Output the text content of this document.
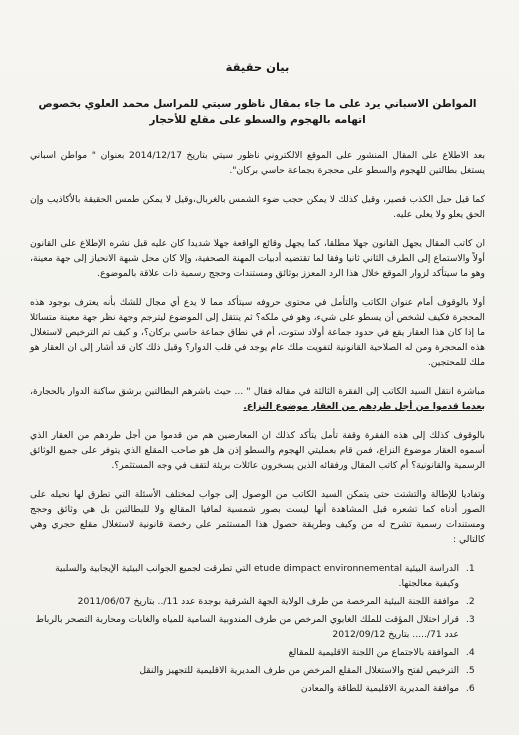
بيان حقيقة
المواطن الاسباني يرد على ما جاء بمقال ناظور سيتي للمراسل محمد العلوي بخصوص اتهامه بالهجوم والسطو على مقلع للأحجار

بعد الاطلاع على المقال المنشور على الموقع الالكتروني ناظور سيتي بتاريخ 2014/12/17 بعنوان " مواطن اسباني يستغل بطالتين للهجوم والسطو على محجرة بجماعة حاسي بركان".

كما قيل حبل الكذب قصير، وقيل كذلك لا يمكن حجب ضوء الشمس بالغربال،وقيل لا يمكن طمس الحقيقة بالأكاذيب وإن الحق يعلو ولا يعلى عليه.

ان كاتب المقال يجهل القانون جهلا مطلقا، كما يجهل وقائع الواقعة جهلا شديدا كان عليه قبل نشره الإطلاع على القانون أولاً والاستماع إلى الطرف الثاني ثانيا وفقا لما تقتضيه أدبيات المهنة الصحفية، وإلا كان محل شبهة الانحياز إلى جهة معينة، وهو ما سيتأكد لزوار الموقع خلال هذا الرد المعزز بوثائق ومستندات وحجج رسمية ذات علاقة بالموضوع.

أولا بالوقوف أمام عنوان الكاتب والتأمل في محتوى حروفه سيتأكد مما لا يدع أي مجال للشك بأنه يعترف بوجود هذه المحجرة فكيف لشخص أن يسطو على شيء، وهو في ملكه؟ ثم ينتقل إلى الموضوع ليترجم وجهة نظر جهة معينة متسائلا ما إذا كان هذا العقار يقع في حدود جماعة أولاد ستوت، أم في نطاق جماعة حاسي بركان؟، و كيف تم الترخيص لاستغلال هذه المحجرة ومن له الصلاحية القانونية لتفويت ملك عام يوجد في قلب الدوار؟ وقبل ذلك كان قد أشار إلى ان العقار هو ملك للمحتجين.

مباشرة انتقل السيد الكاتب إلى الفقرة الثالثة في مقاله فقال " ... حيث باشرهم البطالتين برشق ساكنة الدوار بالحجارة، بعدما قدموا من أجل طردهم من العقار موضوع النزاع.

بالوقوف كذلك إلى هذه الفقرة وقفة تأمل يتأكد كذلك ان المعارضين هم من قدموا من أجل طردهم من العقار الذي أسموه العقار موضوع النزاع، فمن قام بعمليتي الهجوم والسطو إذن هل هو صاحب المقلع الذي يتوفر على جميع الوثائق الرسمية والقانونية؟ أم كاتب المقال ورفقائه الذين يسخرون عائلات بريئة لتقف في وجه المستثمر؟.

وتفاديا للإطالة والتشتت حتى يتمكن السيد الكاتب من الوصول إلى جواب لمختلف الأسئلة التي تطرق لها نحيله على الصور أدناه كما تشعره قبل المشاهدة أنها ليست بصور شمسية لمافيا المقالع ولا للبطالتين بل هي وثائق وحجج ومستندات رسمية تشرح له من وكيف وطريقة حصول هذا المستثمر على رخصة قانونية لاستغلال مقلع حجري وهي كالتالي :

1. الدراسة البيئية etude dimpact environnemental التي تطرقت لجميع الجوانب البيئية الإيجابية والسلبية وكيفية معالجتها.
2. موافقة اللجنة البيئية المرخصة من طرف الولاية الجهة الشرقية بوجدة عدد 11/.. بتاريخ 2011/06/07
3. قرار احتلال المؤقت للملك الغابوي المرخص من طرف المندوبية السامية للمياه والغابات ومحاربة التصحر بالرباط عدد 71/..... بتاريخ 2012/09/12
4. الموافقة بالاجتماع من اللجنة الاقليمية للمقالع
5. الترخيص لفتح والاستغلال المقلع المرخص من طرف المديرية الاقليمية للتجهيز والنقل
6. موافقة المديرية الاقليمية للطاقة والمعادن
